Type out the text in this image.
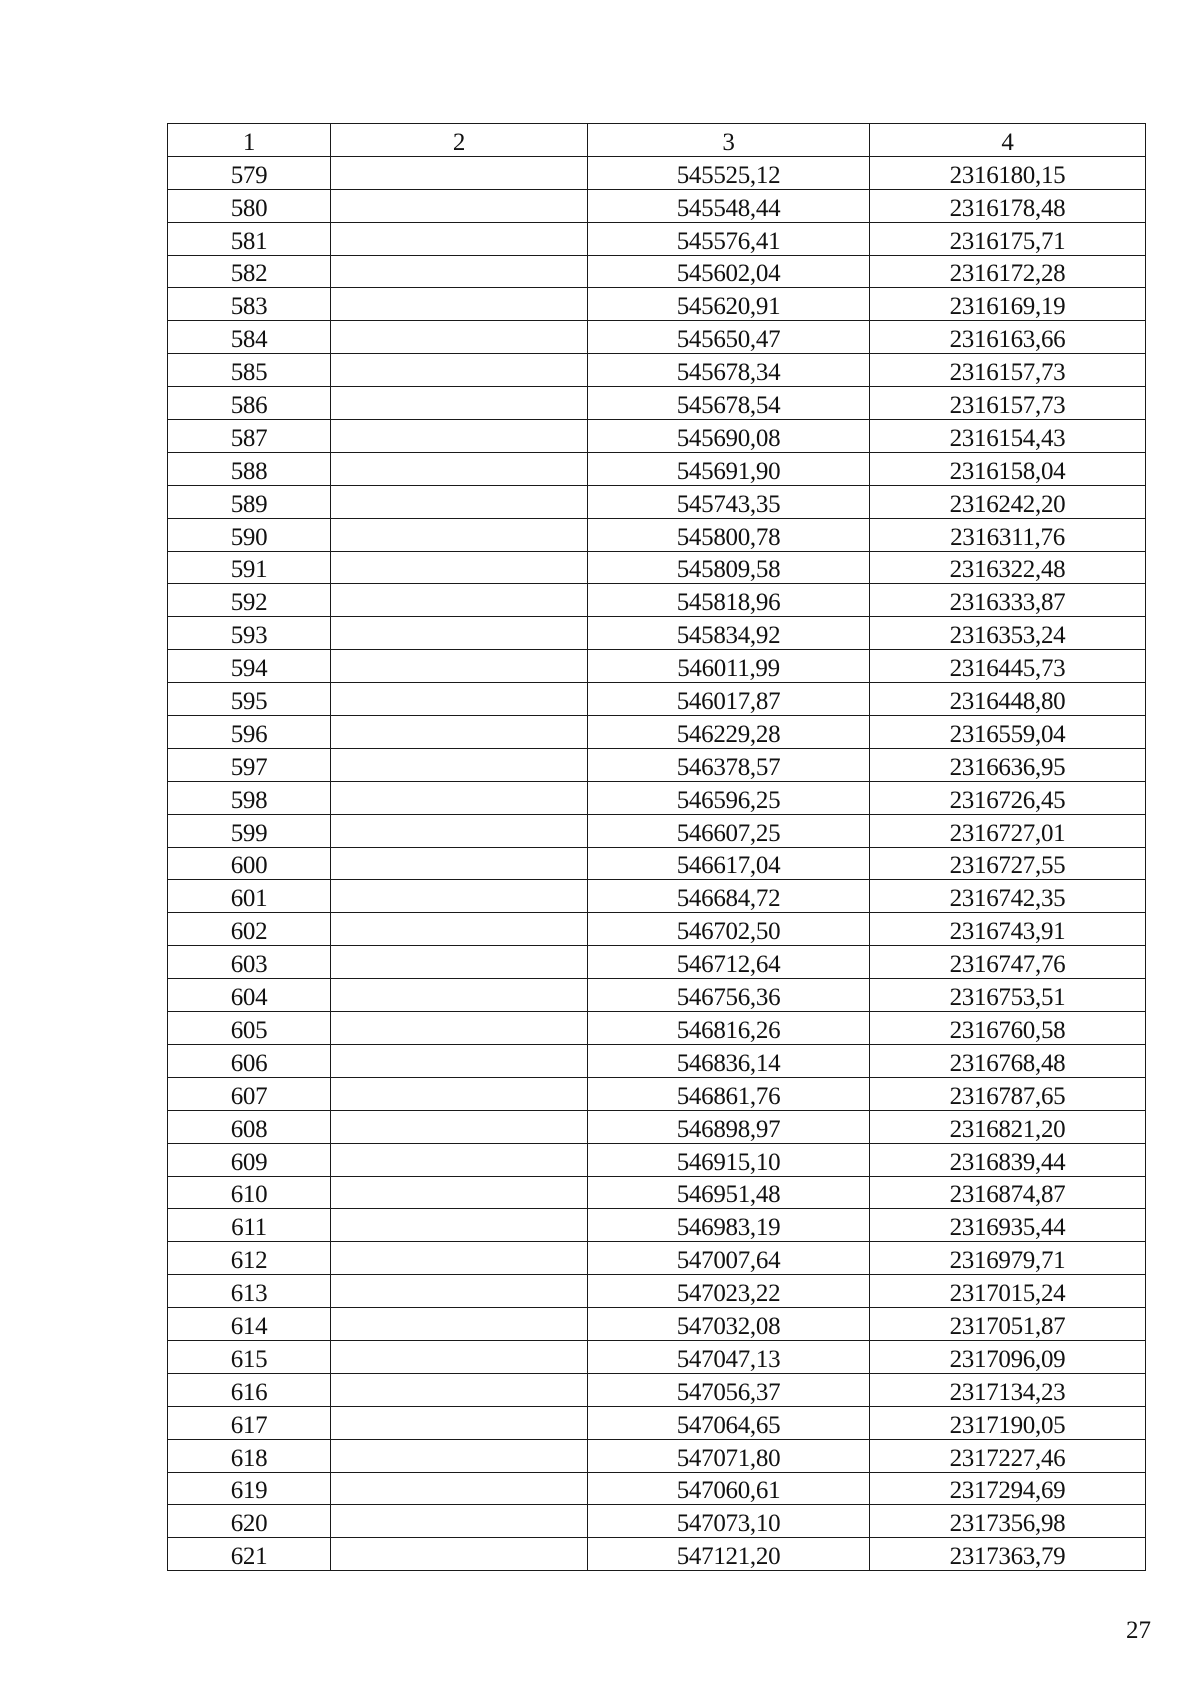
1	2	3	4
579		545525,12	2316180,15
580		545548,44	2316178,48
581		545576,41	2316175,71
582		545602,04	2316172,28
583		545620,91	2316169,19
584		545650,47	2316163,66
585		545678,34	2316157,73
586		545678,54	2316157,73
587		545690,08	2316154,43
588		545691,90	2316158,04
589		545743,35	2316242,20
590		545800,78	2316311,76
591		545809,58	2316322,48
592		545818,96	2316333,87
593		545834,92	2316353,24
594		546011,99	2316445,73
595		546017,87	2316448,80
596		546229,28	2316559,04
597		546378,57	2316636,95
598		546596,25	2316726,45
599		546607,25	2316727,01
600		546617,04	2316727,55
601		546684,72	2316742,35
602		546702,50	2316743,91
603		546712,64	2316747,76
604		546756,36	2316753,51
605		546816,26	2316760,58
606		546836,14	2316768,48
607		546861,76	2316787,65
608		546898,97	2316821,20
609		546915,10	2316839,44
610		546951,48	2316874,87
611		546983,19	2316935,44
612		547007,64	2316979,71
613		547023,22	2317015,24
614		547032,08	2317051,87
615		547047,13	2317096,09
616		547056,37	2317134,23
617		547064,65	2317190,05
618		547071,80	2317227,46
619		547060,61	2317294,69
620		547073,10	2317356,98
621		547121,20	2317363,79
27
